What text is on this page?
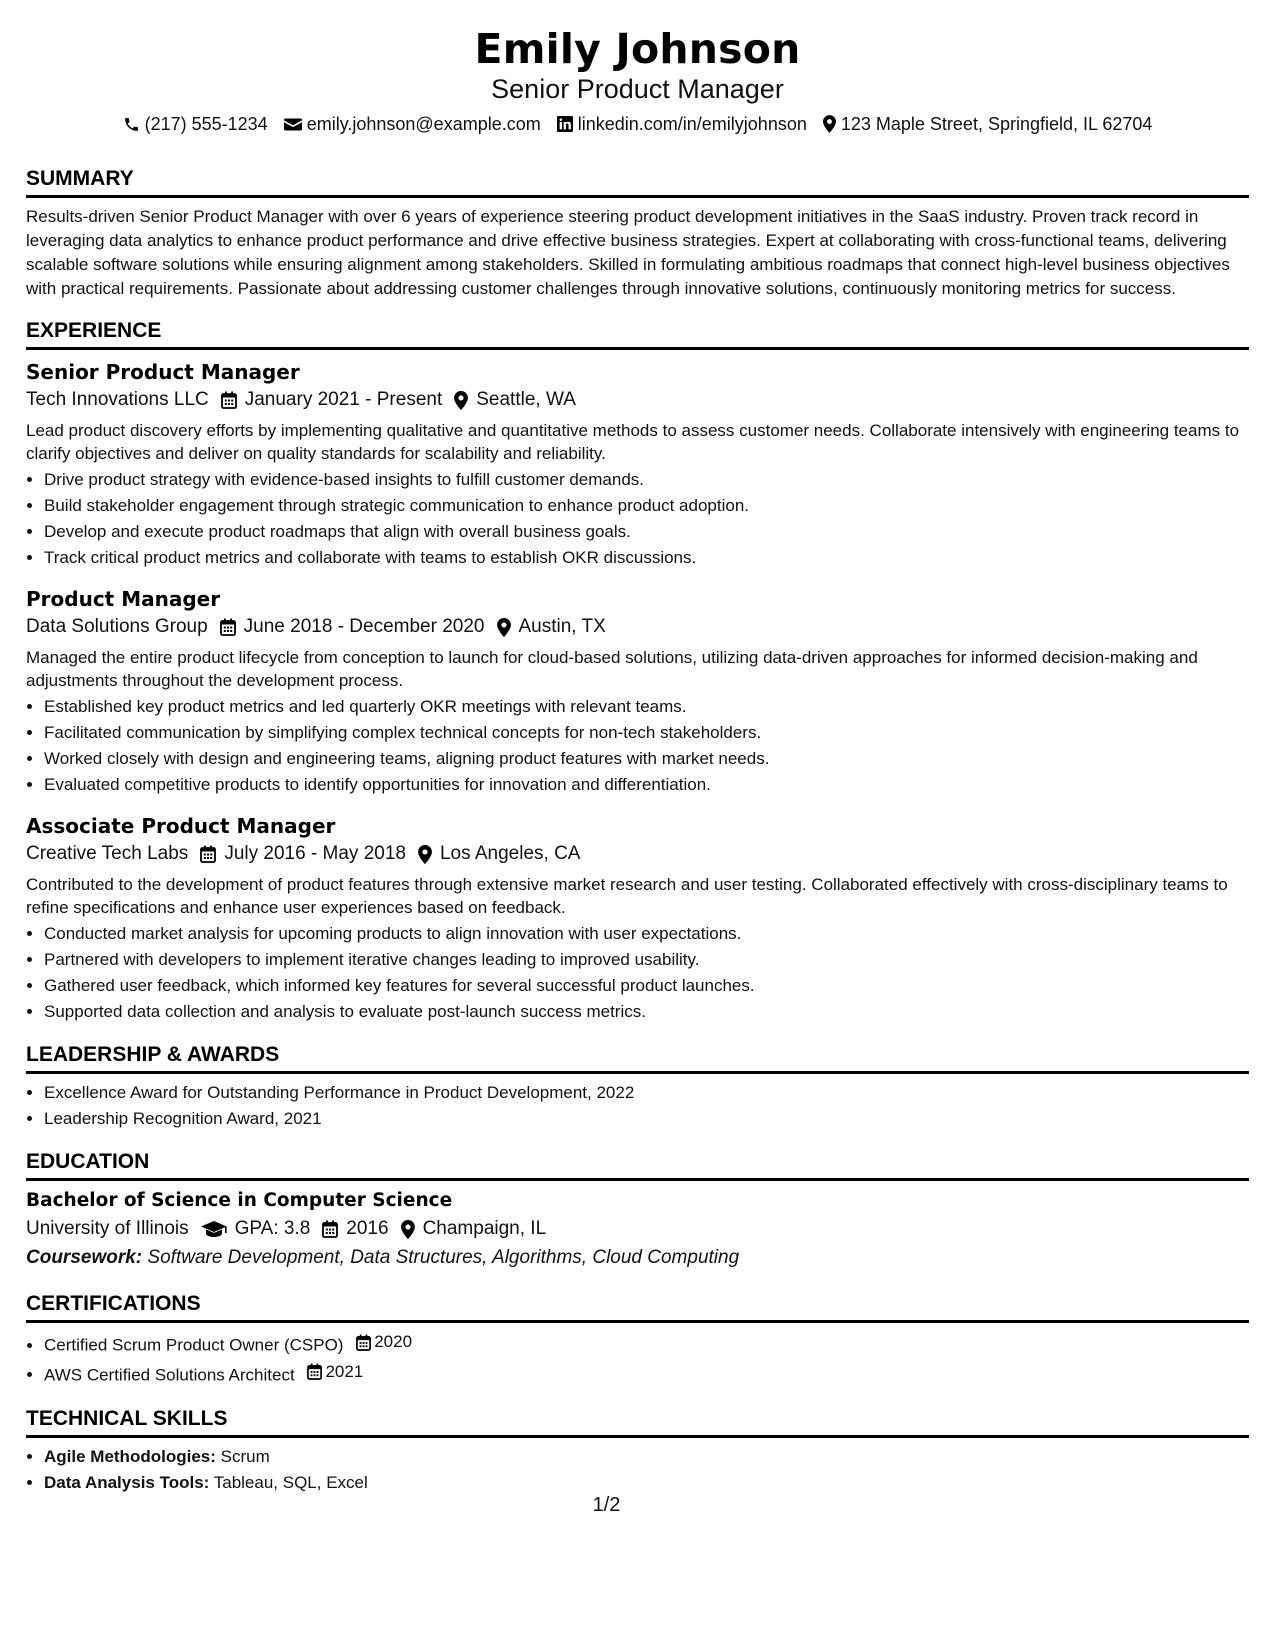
Emily Johnson
Senior Product Manager
(217) 555-1234 emily.johnson@example.com linkedin.com/in/emilyjohnson 123 Maple Street, Springfield, IL 62704
SUMMARY
Results-driven Senior Product Manager with over 6 years of experience steering product development initiatives in the SaaS industry. Proven track record in leveraging data analytics to enhance product performance and drive effective business strategies. Expert at collaborating with cross-functional teams, delivering scalable software solutions while ensuring alignment among stakeholders. Skilled in formulating ambitious roadmaps that connect high-level business objectives with practical requirements. Passionate about addressing customer challenges through innovative solutions, continuously monitoring metrics for success.
EXPERIENCE
Senior Product Manager
Tech Innovations LLC January 2021 - Present Seattle, WA
Lead product discovery efforts by implementing qualitative and quantitative methods to assess customer needs. Collaborate intensively with engineering teams to clarify objectives and deliver on quality standards for scalability and reliability.
• Drive product strategy with evidence-based insights to fulfill customer demands.
• Build stakeholder engagement through strategic communication to enhance product adoption.
• Develop and execute product roadmaps that align with overall business goals.
• Track critical product metrics and collaborate with teams to establish OKR discussions.
Product Manager
Data Solutions Group June 2018 - December 2020 Austin, TX
Managed the entire product lifecycle from conception to launch for cloud-based solutions, utilizing data-driven approaches for informed decision-making and adjustments throughout the development process.
• Established key product metrics and led quarterly OKR meetings with relevant teams.
• Facilitated communication by simplifying complex technical concepts for non-tech stakeholders.
• Worked closely with design and engineering teams, aligning product features with market needs.
• Evaluated competitive products to identify opportunities for innovation and differentiation.
Associate Product Manager
Creative Tech Labs July 2016 - May 2018 Los Angeles, CA
Contributed to the development of product features through extensive market research and user testing. Collaborated effectively with cross-disciplinary teams to refine specifications and enhance user experiences based on feedback.
• Conducted market analysis for upcoming products to align innovation with user expectations.
• Partnered with developers to implement iterative changes leading to improved usability.
• Gathered user feedback, which informed key features for several successful product launches.
• Supported data collection and analysis to evaluate post-launch success metrics.
LEADERSHIP & AWARDS
• Excellence Award for Outstanding Performance in Product Development, 2022
• Leadership Recognition Award, 2021
EDUCATION
Bachelor of Science in Computer Science
University of Illinois GPA: 3.8 2016 Champaign, IL
Coursework: Software Development, Data Structures, Algorithms, Cloud Computing
CERTIFICATIONS
• Certified Scrum Product Owner (CSPO) 2020
• AWS Certified Solutions Architect 2021
TECHNICAL SKILLS
• Agile Methodologies: Scrum
• Data Analysis Tools: Tableau, SQL, Excel
1/2
